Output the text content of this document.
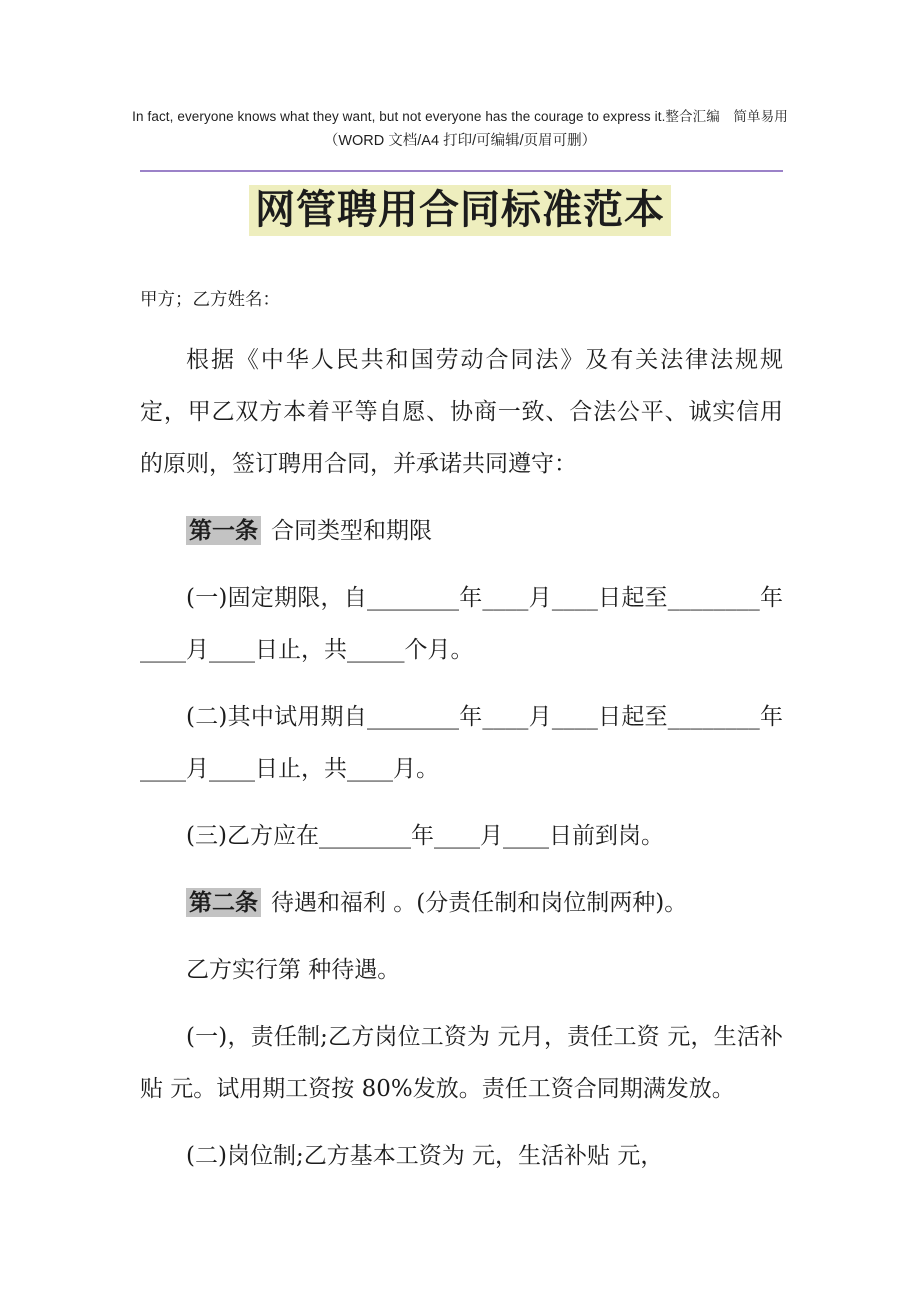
In fact, everyone knows what they want, but not everyone has the courage to express it.整合汇编　简单易用
（WORD 文档/A4 打印/可编辑/页眉可删）
网管聘用合同标准范本

甲方；乙方姓名：

根据《中华人民共和国劳动合同法》及有关法律法规规定，甲乙双方本着平等自愿、协商一致、合法公平、诚实信用的原则，签订聘用合同，并承诺共同遵守：

第一条 合同类型和期限

(一)固定期限，自________年____月____日起至________年____月____日止，共_____个月。

(二)其中试用期自________年____月____日起至________年____月____日止，共____月。

(三)乙方应在________年____月____日前到岗。

第二条 待遇和福利 。(分责任制和岗位制两种)。

乙方实行第 种待遇。

(一)，责任制;乙方岗位工资为 元月，责任工资 元，生活补贴 元。试用期工资按 80%发放。责任工资合同期满发放。

(二)岗位制;乙方基本工资为 元，生活补贴 元，
